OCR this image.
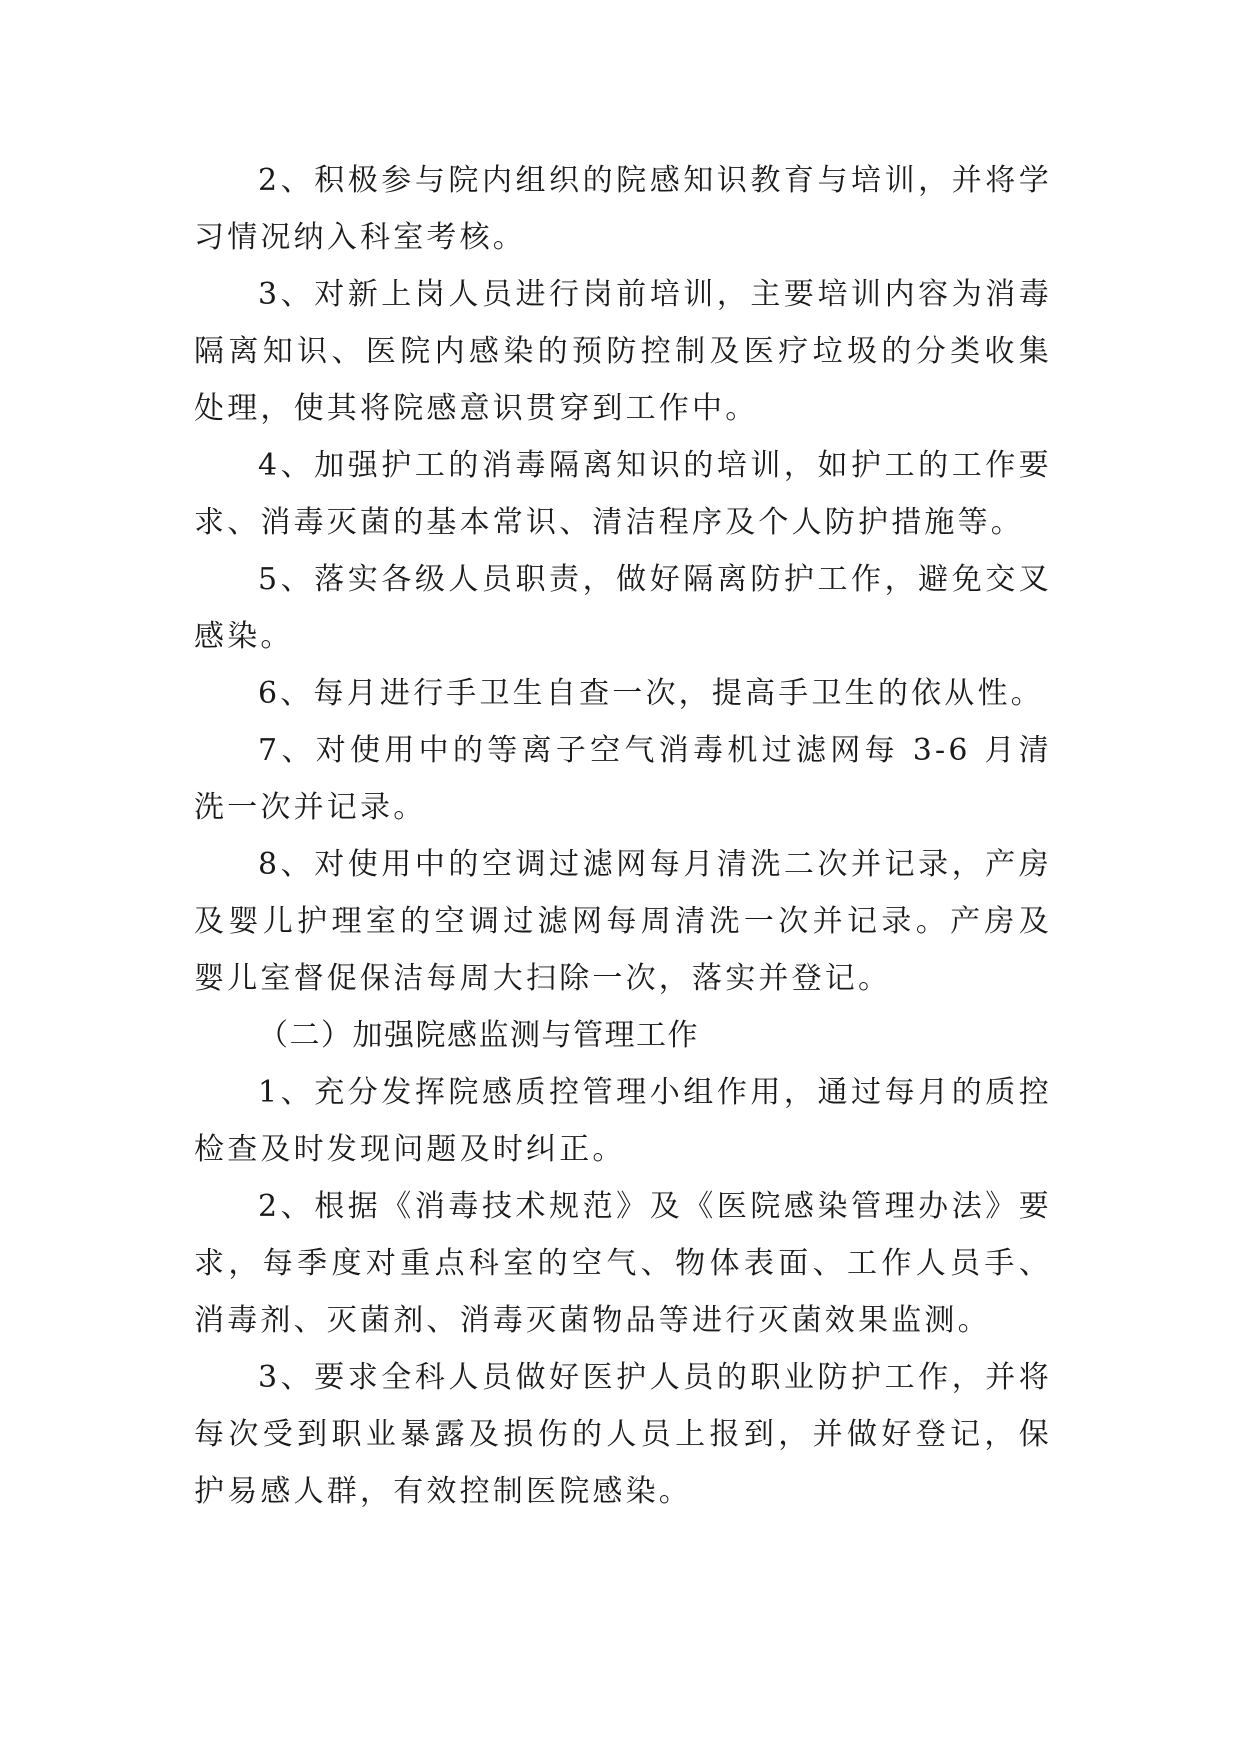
2、积极参与院内组织的院感知识教育与培训，并将学习情况纳入科室考核。

3、对新上岗人员进行岗前培训，主要培训内容为消毒隔离知识、医院内感染的预防控制及医疗垃圾的分类收集处理，使其将院感意识贯穿到工作中。

4、加强护工的消毒隔离知识的培训，如护工的工作要求、消毒灭菌的基本常识、清洁程序及个人防护措施等。

5、落实各级人员职责，做好隔离防护工作，避免交叉感染。

6、每月进行手卫生自查一次，提高手卫生的依从性。

7、对使用中的等离子空气消毒机过滤网每 3-6 月清洗一次并记录。

8、对使用中的空调过滤网每月清洗二次并记录，产房及婴儿护理室的空调过滤网每周清洗一次并记录。产房及婴儿室督促保洁每周大扫除一次，落实并登记。

（二）加强院感监测与管理工作

1、充分发挥院感质控管理小组作用，通过每月的质控检查及时发现问题及时纠正。

2、根据《消毒技术规范》及《医院感染管理办法》要求，每季度对重点科室的空气、物体表面、工作人员手、消毒剂、灭菌剂、消毒灭菌物品等进行灭菌效果监测。

3、要求全科人员做好医护人员的职业防护工作，并将每次受到职业暴露及损伤的人员上报到，并做好登记，保护易感人群，有效控制医院感染。
